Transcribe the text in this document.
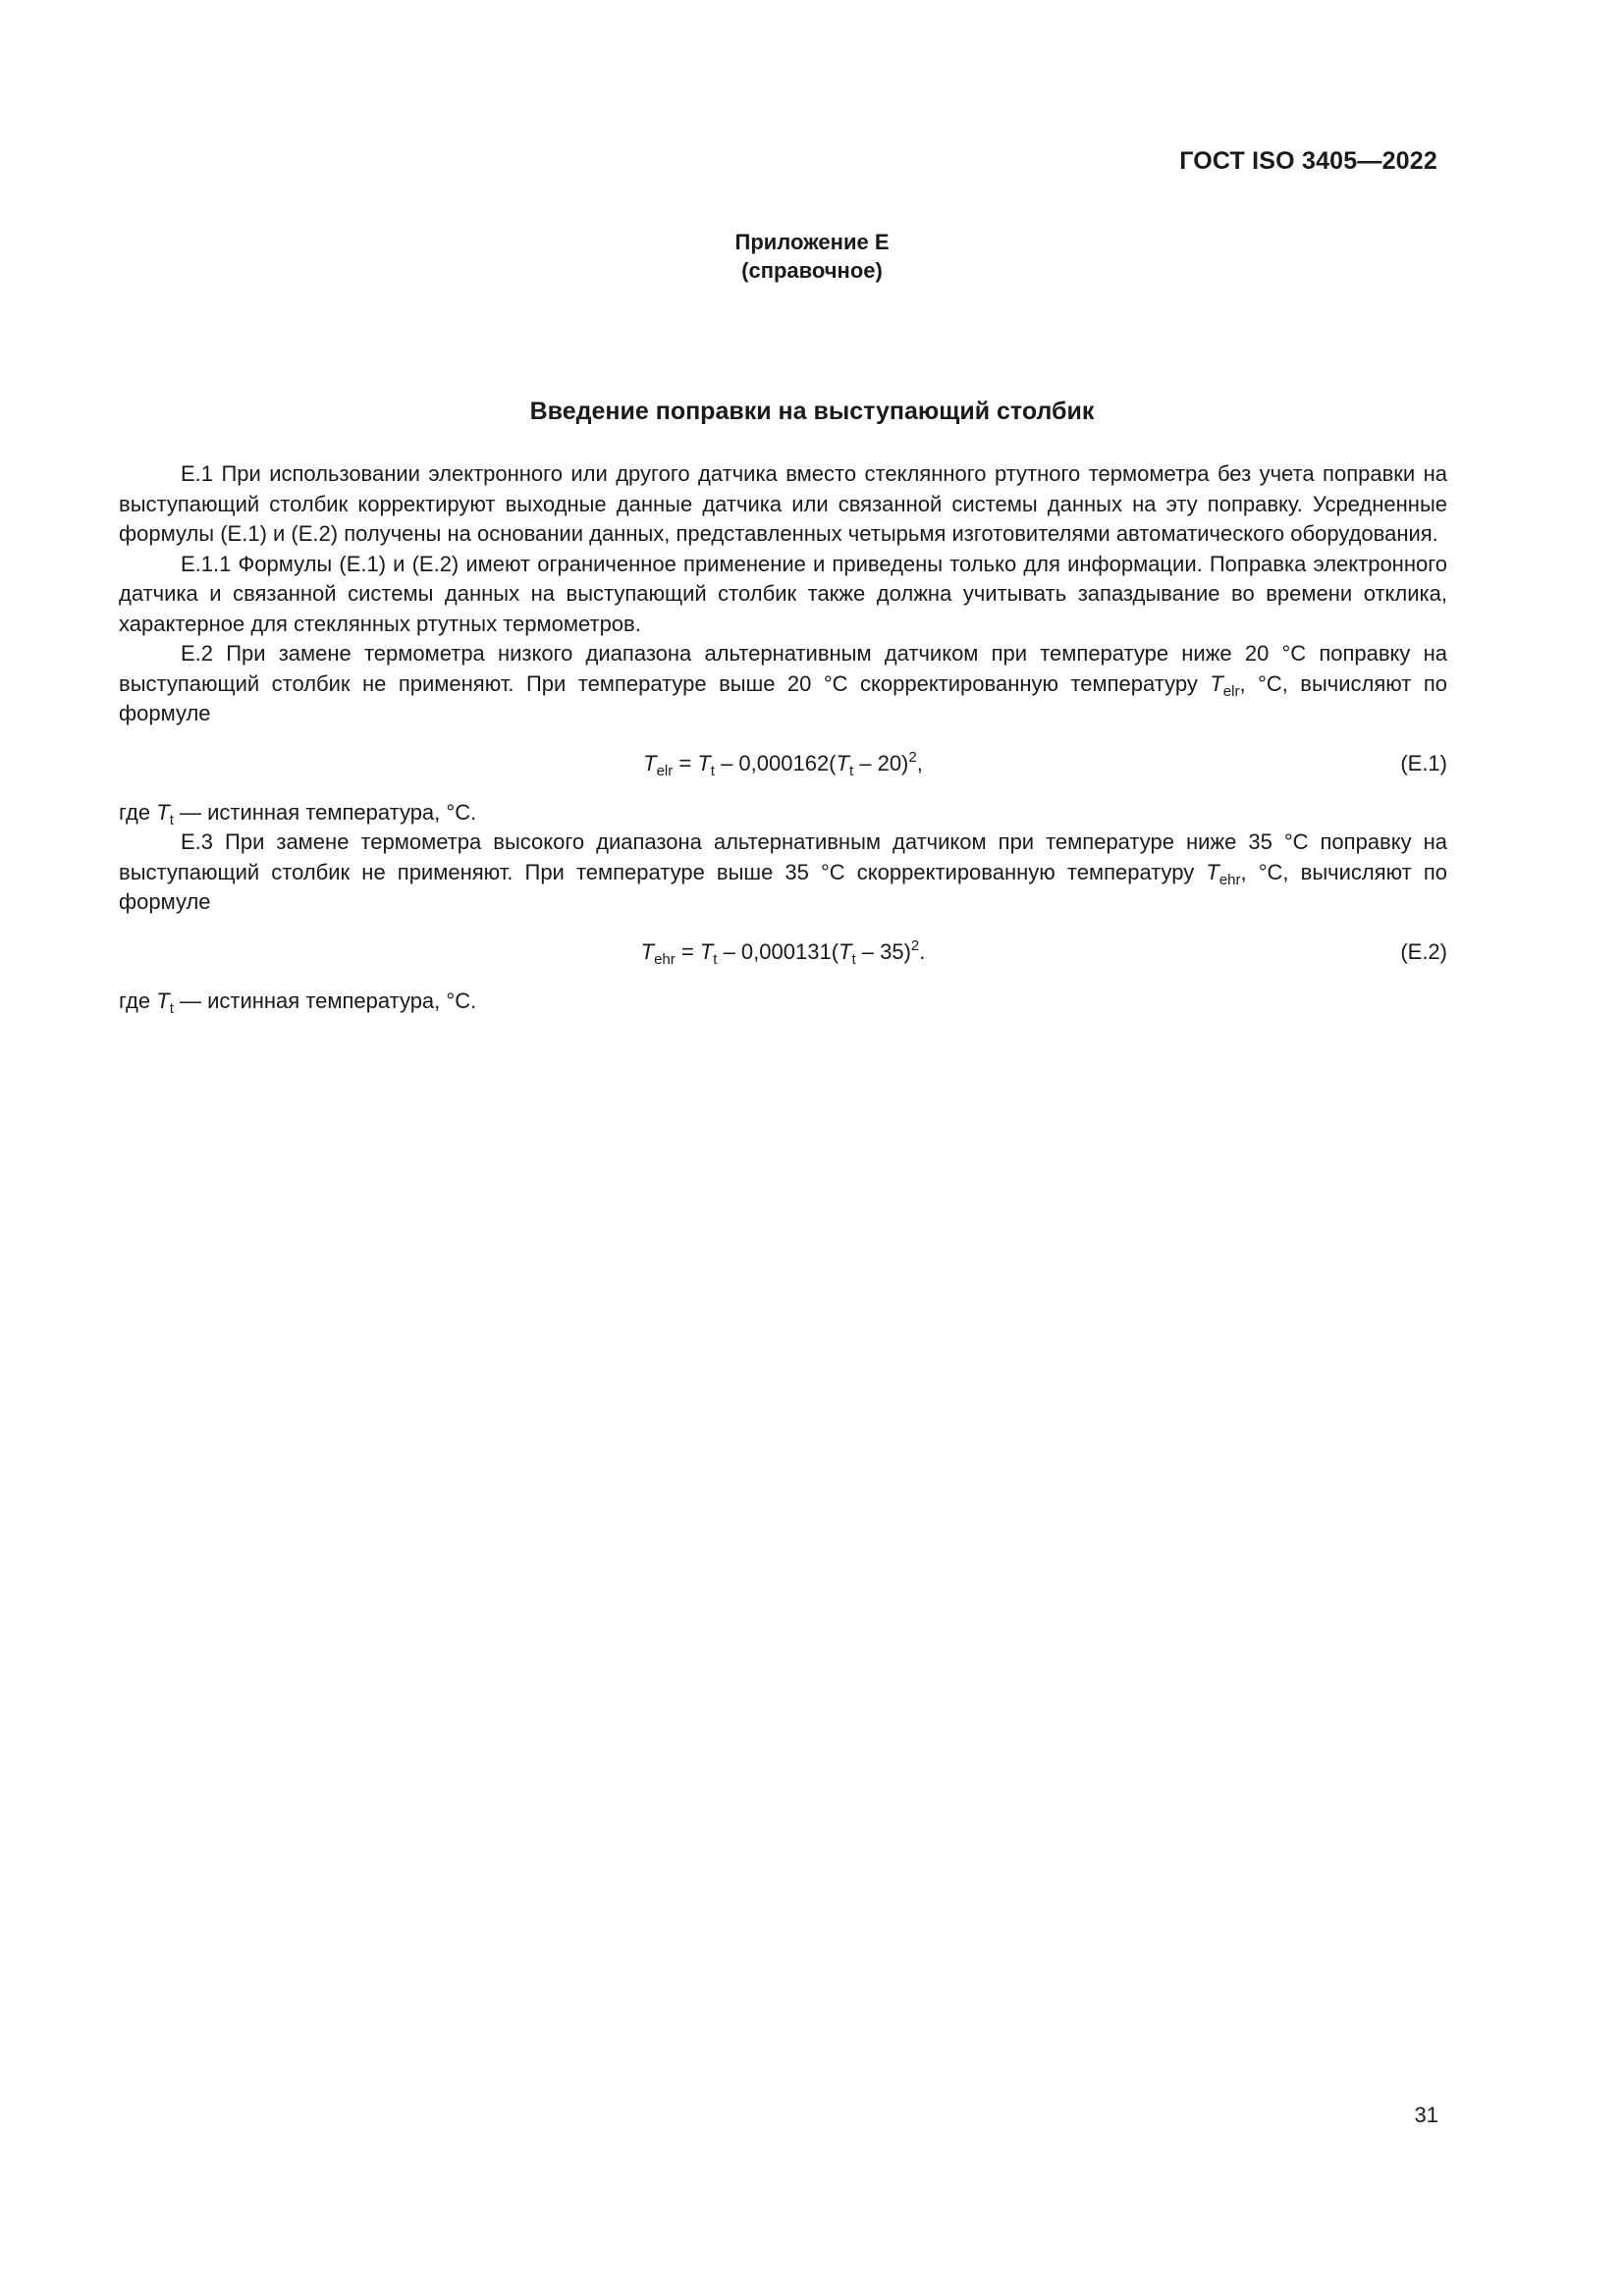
ГОСТ ISO 3405—2022
Приложение Е
(справочное)
Введение поправки на выступающий столбик

Е.1 При использовании электронного или другого датчика вместо стеклянного ртутного термометра без учета поправки на выступающий столбик корректируют выходные данные датчика или связанной системы данных на эту поправку. Усредненные формулы (Е.1) и (Е.2) получены на основании данных, представленных четырьмя изготовителями автоматического оборудования.

Е.1.1 Формулы (Е.1) и (Е.2) имеют ограниченное применение и приведены только для информации. Поправка электронного датчика и связанной системы данных на выступающий столбик также должна учитывать запаздывание во времени отклика, характерное для стеклянных ртутных термометров.

Е.2 При замене термометра низкого диапазона альтернативным датчиком при температуре ниже 20 °С поправку на выступающий столбик не применяют. При температуре выше 20 °С скорректированную температуру $T_{elr}$, °С, вычисляют по формуле

$T_{elr} = T_t - 0,000162(T_t - 20)^2$,	(Е.1)

где $T_t$ — истинная температура, °С.

Е.3 При замене термометра высокого диапазона альтернативным датчиком при температуре ниже 35 °С поправку на выступающий столбик не применяют. При температуре выше 35 °С скорректированную температуру $T_{ehr}$, °С, вычисляют по формуле

$T_{ehr} = T_t - 0,000131(T_t - 35)^2$.	(Е.2)

где $T_t$ — истинная температура, °С.

31
